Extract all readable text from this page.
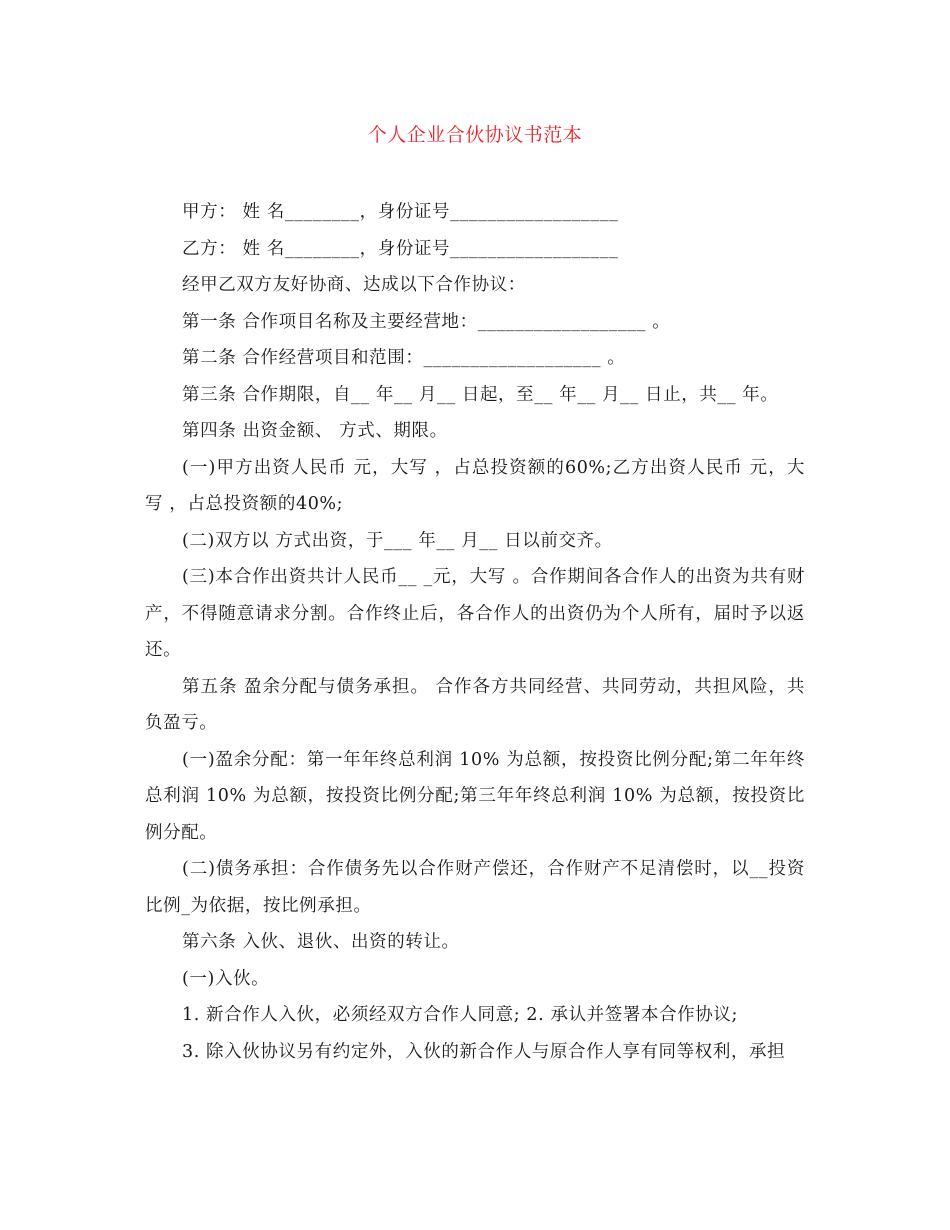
个人企业合伙协议书范本

甲方： 姓 名________，身份证号__________________

乙方： 姓 名________，身份证号__________________

经甲乙双方友好协商、达成以下合作协议：

第一条 合作项目名称及主要经营地：__________________ 。

第二条 合作经营项目和范围：___________________ 。

第三条 合作期限，自__ 年__ 月__ 日起，至__ 年__ 月__ 日止，共__ 年。

第四条 出资金额、 方式、期限。

(一)甲方出资人民币 元，大写 ，占总投资额的60%;乙方出资人民币 元，大写 ，占总投资额的40%;

(二)双方以 方式出资，于___ 年__ 月__ 日以前交齐。

(三)本合作出资共计人民币__ _元，大写 。合作期间各合作人的出资为共有财产，不得随意请求分割。合作终止后，各合作人的出资仍为个人所有，届时予以返还。

第五条 盈余分配与债务承担。 合作各方共同经营、共同劳动，共担风险，共负盈亏。

(一)盈余分配：第一年年终总利润 10% 为总额，按投资比例分配;第二年年终总利润 10% 为总额，按投资比例分配;第三年年终总利润 10% 为总额，按投资比例分配。

(二)债务承担：合作债务先以合作财产偿还，合作财产不足清偿时，以__投资比例_为依据，按比例承担。

第六条 入伙、退伙、出资的转让。

(一)入伙。

1. 新合作人入伙，必须经双方合作人同意; 2. 承认并签署本合作协议;

3. 除入伙协议另有约定外，入伙的新合作人与原合作人享有同等权利，承担
